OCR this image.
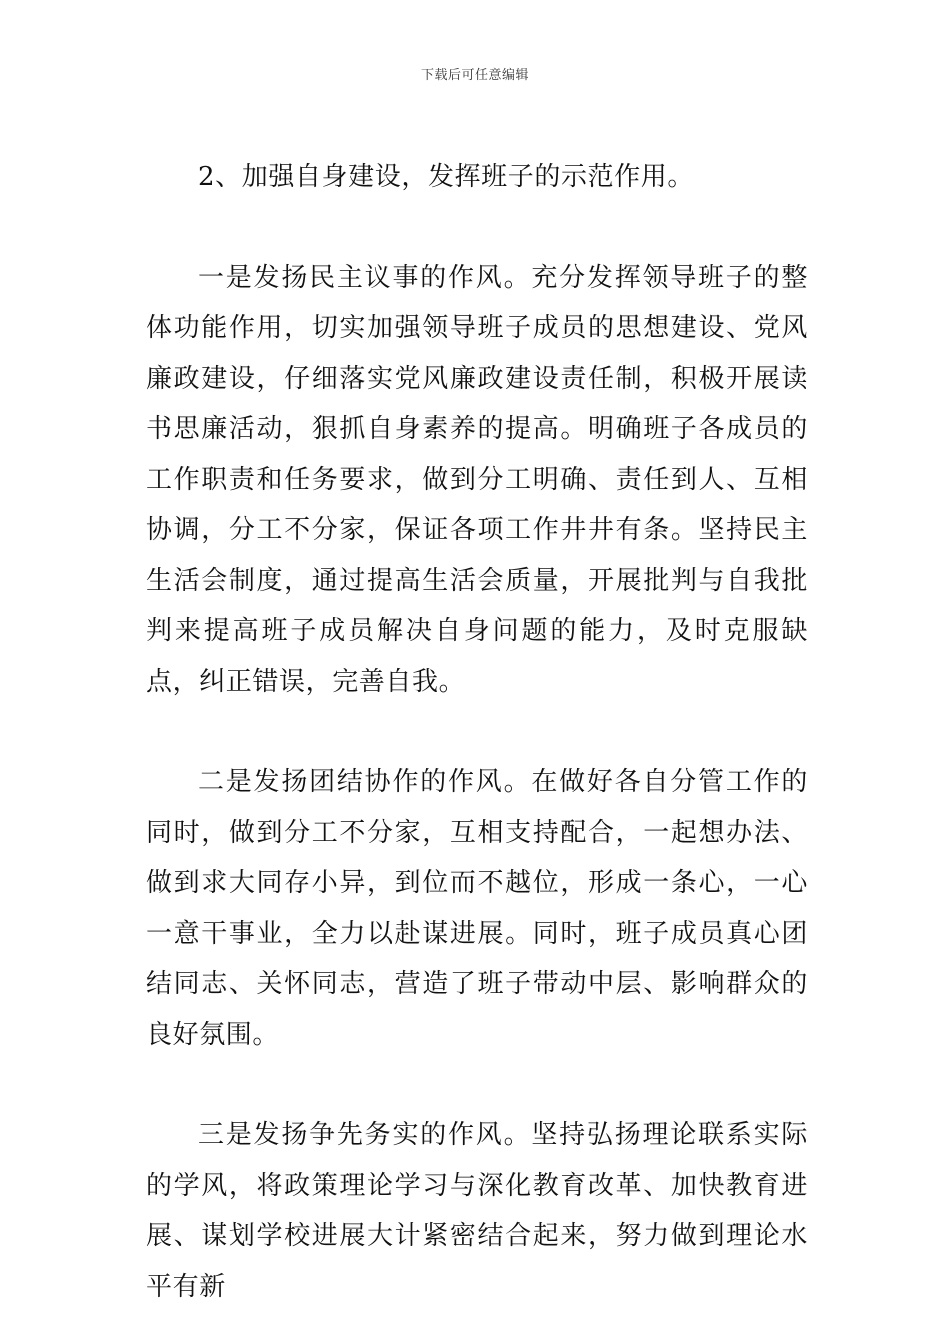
下载后可任意编辑

2、加强自身建设，发挥班子的示范作用。

一是发扬民主议事的作风。充分发挥领导班子的整体功能作用，切实加强领导班子成员的思想建设、党风廉政建设，仔细落实党风廉政建设责任制，积极开展读书思廉活动，狠抓自身素养的提高。明确班子各成员的工作职责和任务要求，做到分工明确、责任到人、互相协调，分工不分家，保证各项工作井井有条。坚持民主生活会制度，通过提高生活会质量，开展批判与自我批判来提高班子成员解决自身问题的能力，及时克服缺点，纠正错误，完善自我。

二是发扬团结协作的作风。在做好各自分管工作的同时，做到分工不分家，互相支持配合，一起想办法、做到求大同存小异，到位而不越位，形成一条心，一心一意干事业，全力以赴谋进展。同时，班子成员真心团结同志、关怀同志，营造了班子带动中层、影响群众的良好氛围。

三是发扬争先务实的作风。坚持弘扬理论联系实际的学风，将政策理论学习与深化教育改革、加快教育进展、谋划学校进展大计紧密结合起来，努力做到理论水平有新
